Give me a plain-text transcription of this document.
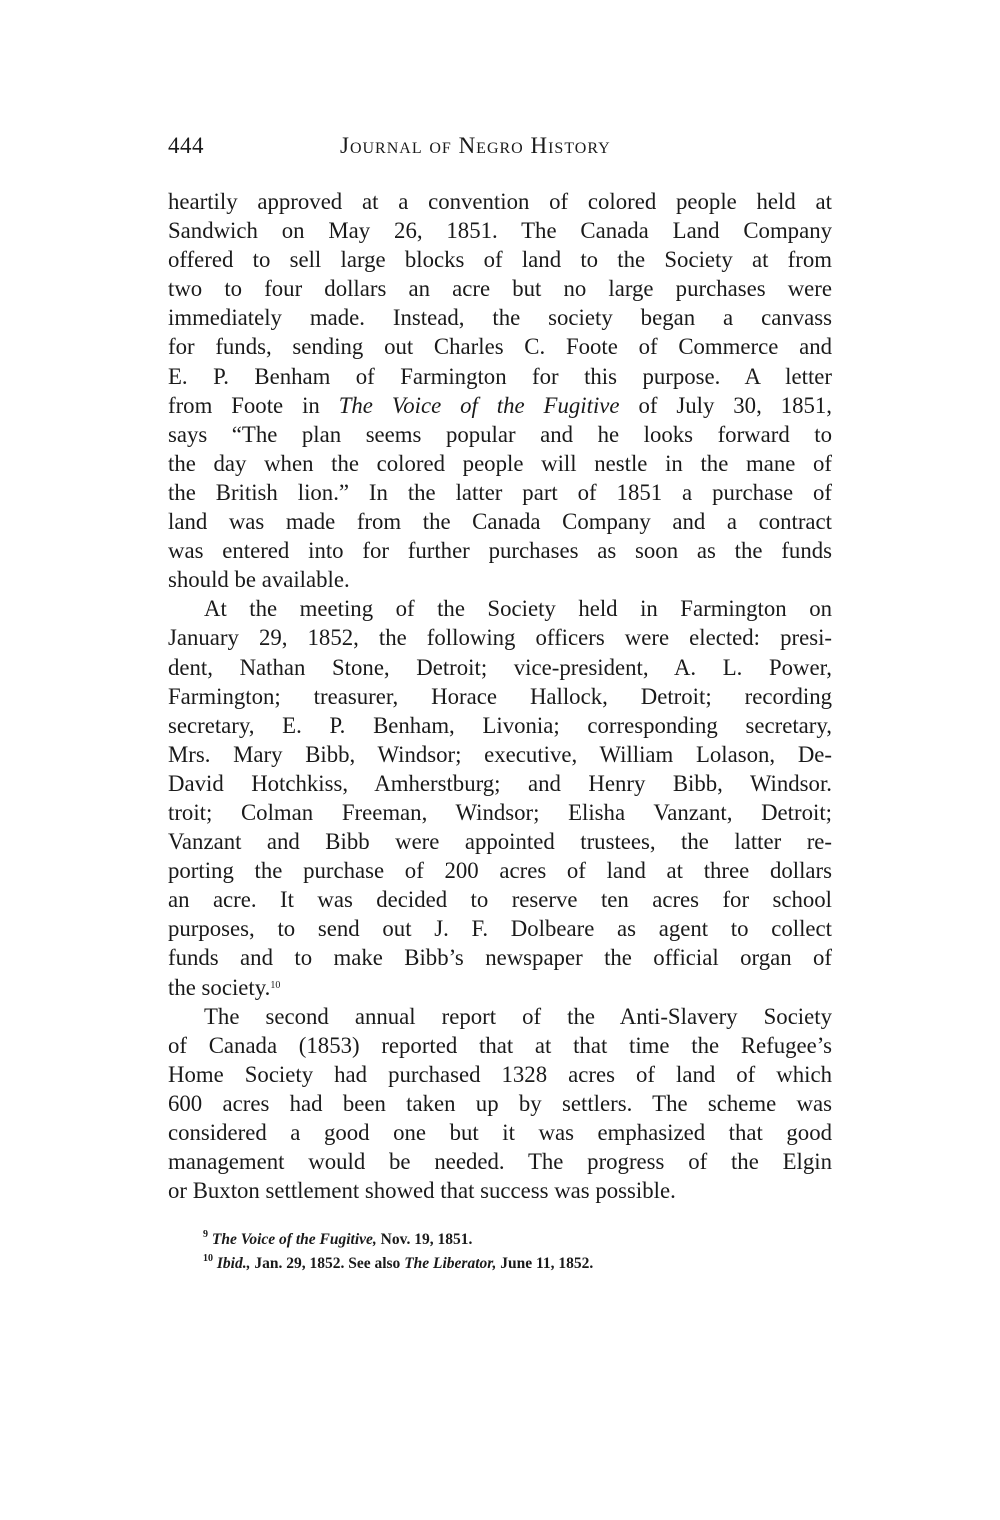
444	Journal of Negro History
heartily approved at a convention of colored people held at
Sandwich on May 26, 1851. The Canada Land Company
offered to sell large blocks of land to the Society at from
two to four dollars an acre but no large purchases were
immediately made. Instead, the society began a canvass
for funds, sending out Charles C. Foote of Commerce and
E. P. Benham of Farmington for this purpose. A letter
from Foote in The Voice of the Fugitive of July 30, 1851,
says “The plan seems popular and he looks forward to
the day when the colored people will nestle in the mane of
the British lion.” In the latter part of 1851 a purchase of
land was made from the Canada Company and a contract
was entered into for further purchases as soon as the funds
should be available.
At the meeting of the Society held in Farmington on
January 29, 1852, the following officers were elected: presi-
dent, Nathan Stone, Detroit; vice-president, A. L. Power,
Farmington; treasurer, Horace Hallock, Detroit; recording
secretary, E. P. Benham, Livonia; corresponding secretary,
Mrs. Mary Bibb, Windsor; executive, William Lolason, De-
David Hotchkiss, Amherstburg; and Henry Bibb, Windsor.
troit; Colman Freeman, Windsor; Elisha Vanzant, Detroit;
Vanzant and Bibb were appointed trustees, the latter re-
porting the purchase of 200 acres of land at three dollars
an acre. It was decided to reserve ten acres for school
purposes, to send out J. F. Dolbeare as agent to collect
funds and to make Bibb’s newspaper the official organ of
the society.$^{10}$
The second annual report of the Anti-Slavery Society
of Canada (1853) reported that at that time the Refugee’s
Home Society had purchased 1328 acres of land of which
600 acres had been taken up by settlers. The scheme was
considered a good one but it was emphasized that good
management would be needed. The progress of the Elgin
or Buxton settlement showed that success was possible.
$^9$ The Voice of the Fugitive, Nov. 19, 1851.
$^{10}$ Ibid., Jan. 29, 1852. See also The Liberator, June 11, 1852.
